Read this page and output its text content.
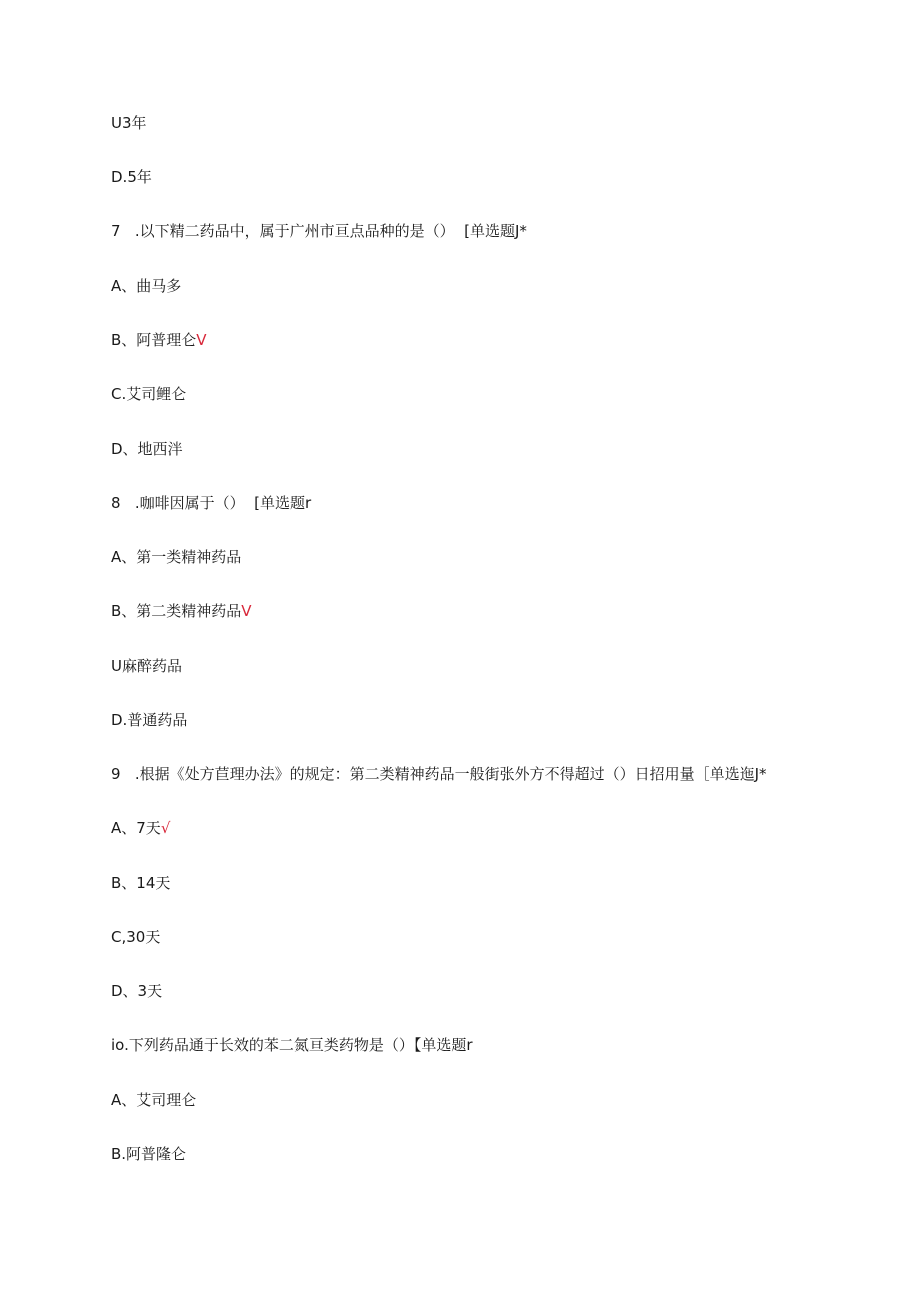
U3年
D.5年
7   .以下精二药品中，属于广州市亘点品种的是（）  [单选题J*
A、曲马多
B、阿普理仑V
C.艾司鲤仑
D、地西泮
8   .咖啡因属于（）  [单选题r
A、第一类精神药品
B、第二类精神药品V
U麻醉药品
D.普通药品
9   .根据《处方苣理办法》的规定：第二类精神药品一般街张外方不得超过（）日招用量［单选迤J*
A、7天√
B、14天
C,30天
D、3天
io.下列药品通于长效的苯二氮亘类药物是（）【单选题r
A、艾司理仑
B.阿普隆仑
